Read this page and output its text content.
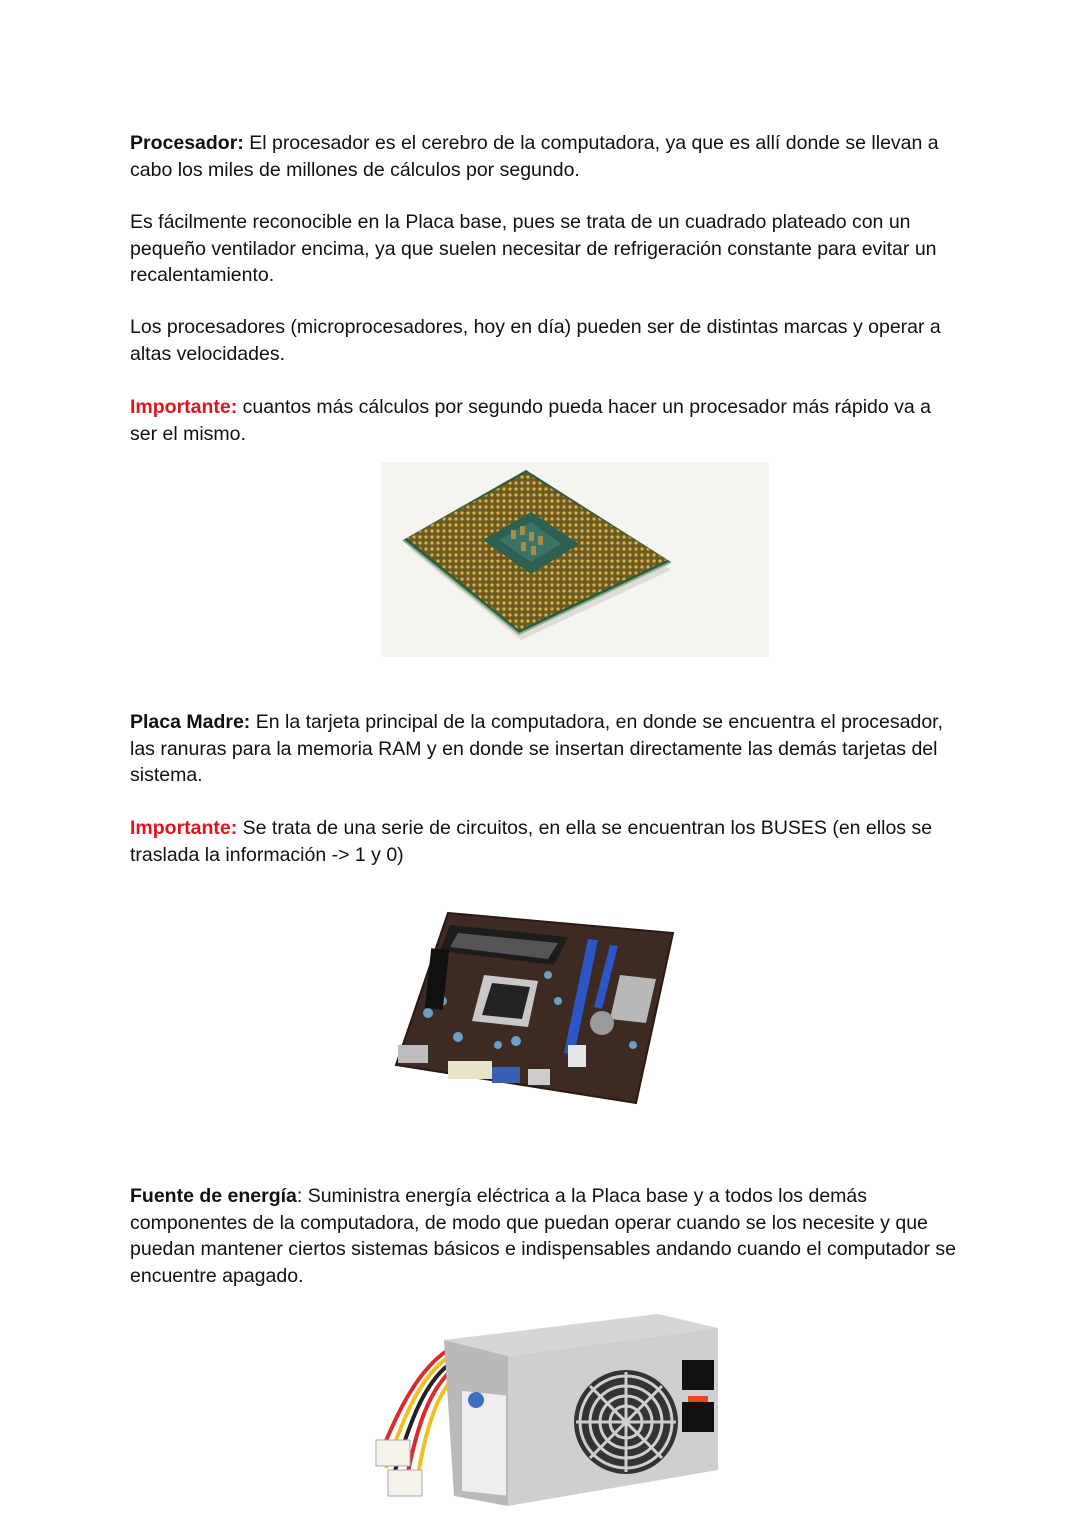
Procesador: El procesador es el cerebro de la computadora, ya que es allí donde se llevan a cabo los miles de millones de cálculos por segundo.

Es fácilmente reconocible en la Placa base, pues se trata de un cuadrado plateado con un pequeño ventilador encima, ya que suelen necesitar de refrigeración constante para evitar un recalentamiento.

Los procesadores (microprocesadores, hoy en día) pueden ser de distintas marcas y operar a altas velocidades.

Importante: cuantos más cálculos por segundo pueda hacer un procesador más rápido va a ser el mismo.

Placa Madre: En la tarjeta principal de la computadora, en donde se encuentra el procesador, las ranuras para la memoria RAM y en donde se insertan directamente las demás tarjetas del sistema.

Importante: Se trata de una serie de circuitos, en ella se encuentran los BUSES (en ellos se traslada la información -> 1 y 0)

Fuente de energía: Suministra energía eléctrica a la Placa base y a todos los demás componentes de la computadora, de modo que puedan operar cuando se los necesite y que puedan mantener ciertos sistemas básicos e indispensables andando cuando el computador se encuentre apagado.
